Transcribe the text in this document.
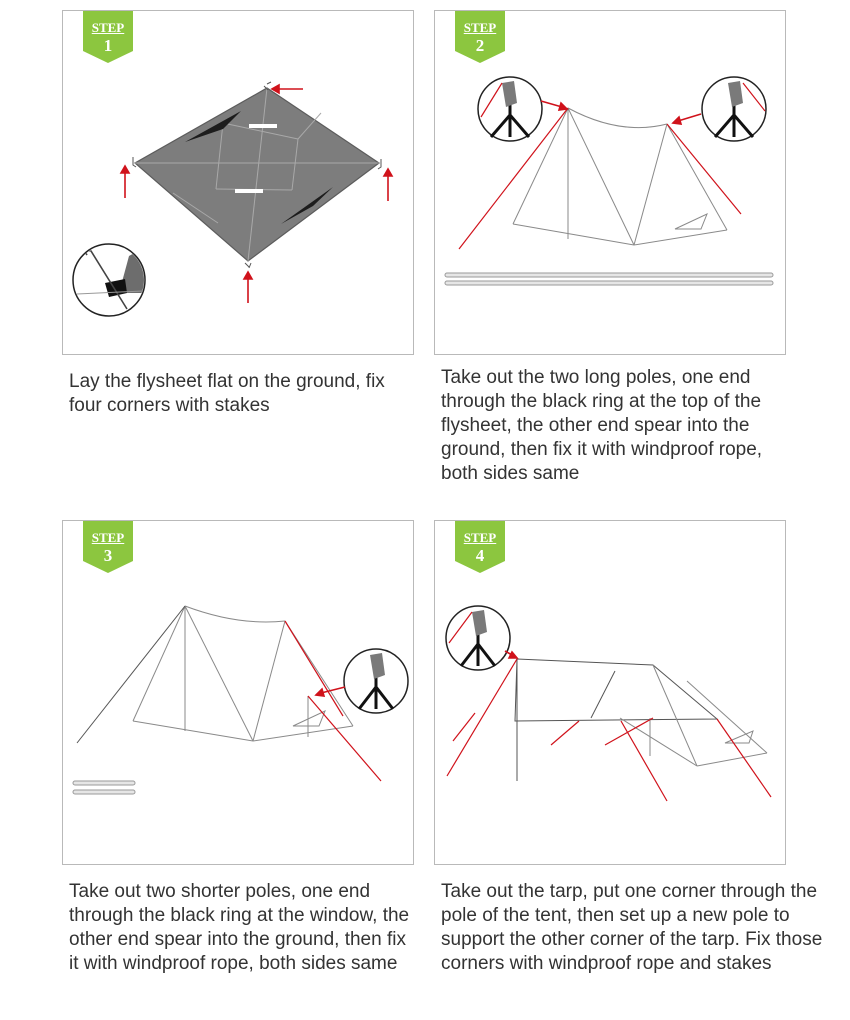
STEP
1
Lay the flysheet flat on the ground, fix four corners with stakes
STEP
2
Take out the two long poles, one end through the black ring at the top of the flysheet, the other end spear into the ground, then fix it with windproof rope, both sides same
STEP
3
Take out two shorter poles, one end through the black ring at the window, the other end spear into the ground, then fix it with windproof rope, both sides same
STEP
4
Take out the tarp, put one corner through the pole of the tent, then set up a new pole to support the other corner of the tarp. Fix those corners with windproof rope and stakes
